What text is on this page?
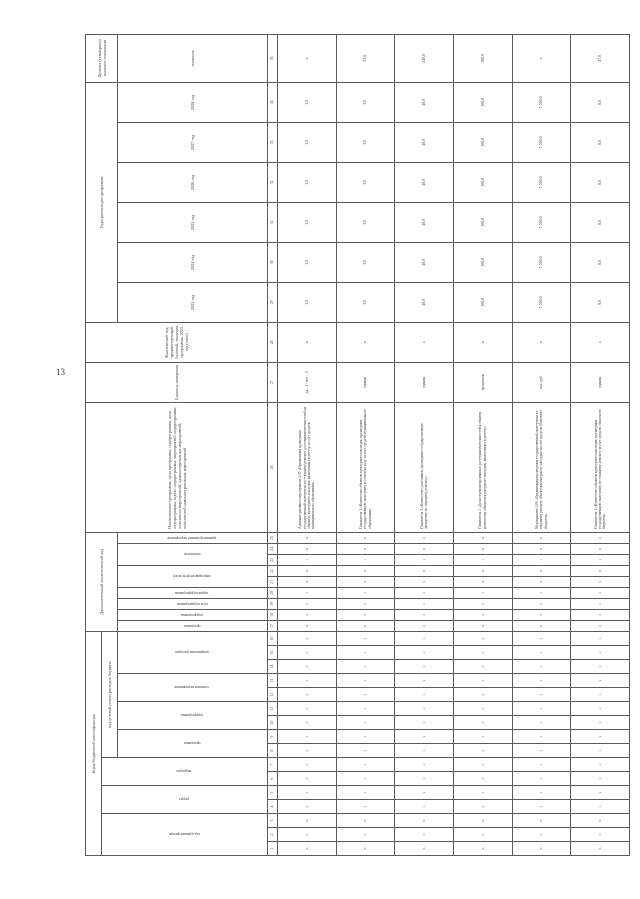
13
Коды бюджетной классификации																Дополнительный аналитический код									Наименование программы, цели программы, подпрограммы, цели подпрограммы, задачи подпрограммы, мероприятий подпрограммы, показатели мероприятий, административных мероприятий, показателей административных мероприятий	Единица измерения	Фактический год, предшествующий базовый, значения программы, 2023 год (план)	Годы реализации программы						Целевое (суммарное) значение показателя
код администратора			раздел		подраздел		код целевой статьи расходов бюджета																											
							программа		подпрограмма		основное мероприятие		направление расходов			программа	подпрограмма	цель подпрограммы	задача подпрограммы	мероприятие (результат)		показатель		административное мероприятие				2025 год	2024 год	2025 год	2026 год	2027 год	2028 год	значение
1	2	3	4	5	6	7	8	9	10	11	12	13	14	15	16	17	18	19	20	21	22	23	24	25	26	27	28	29	30	31	32	33	34	35
0	2	0	х	х	х	х	х	х	х	х	х	х	х	х	х	0	3	2	1	0	0	1	0	0	Административное мероприятие 2.05 «Организация проведения государственной экспертизы по текущему ремонту достопримечательностей на объектах культурного наследия, включенных в реестр за счет средств муниципального образования»	да – 1 / нет – 0	х	1,0	1,0	1,0	1,0	1,0	1,0	х
0	2	0	х	х	х	х	х	х	х	х	х	х	х	х	х	0	3	2	1	0	0	1	0	0	Показатель 1 «Количество объектов культурного наследия, прошедших государственную экспертизу в отчетном году, за счет средств муниципального образования»	единиц	х	3,0	3,0	3,0	3,0	3,0	3,0	21,0
0	2	0	х	х	х	х	х	х	х	х	х	х	х	х	х	0	3	2	1	0	0	1	0	0	Показатель 2 «Количество участников, прошедших государственную экспертизу по текущему ремонту»	единиц	х	40,0	40,0	40,0	40,0	40,0	40,0	240,0
0	2	0	х	х	х	х	х	х	х	х	х	х	х	х	х	0	3	2	1	0	0	1	0	0	Показатель 3 «Доля отремонтированных достопримечательностей к общему количеству объектов культурного наследия, включенных в реестр»	процентов	х	100,0	100,0	100,0	100,0	100,0	100,0	100,0
0	2	0	х	х	х	х	х	х	х	х	х	х	х	х	х	0	3	2	1	0	0	1	0	0	Мероприятие 2.06 «Организация проведения государственной экспертизы по текущему ремонту объектов культурного наследия за счет средств областного бюджета»	тыс. руб.	х	1 050,0	1 050,0	1 050,0	1 050,0	1 050,0	1 050,0	х
0	2	0	х	х	х	х	х	х	х	х	х	х	х	х	х	0	3	2	1	0	0	1	0	0	Показатель 1 «Количество объектов культурного наследия, прошедших государственную экспертизу по текущему ремонту за счет средств областного бюджета»	единиц	х	9,0	8,0	8,0	8,0	8,0	8,0	47,0
